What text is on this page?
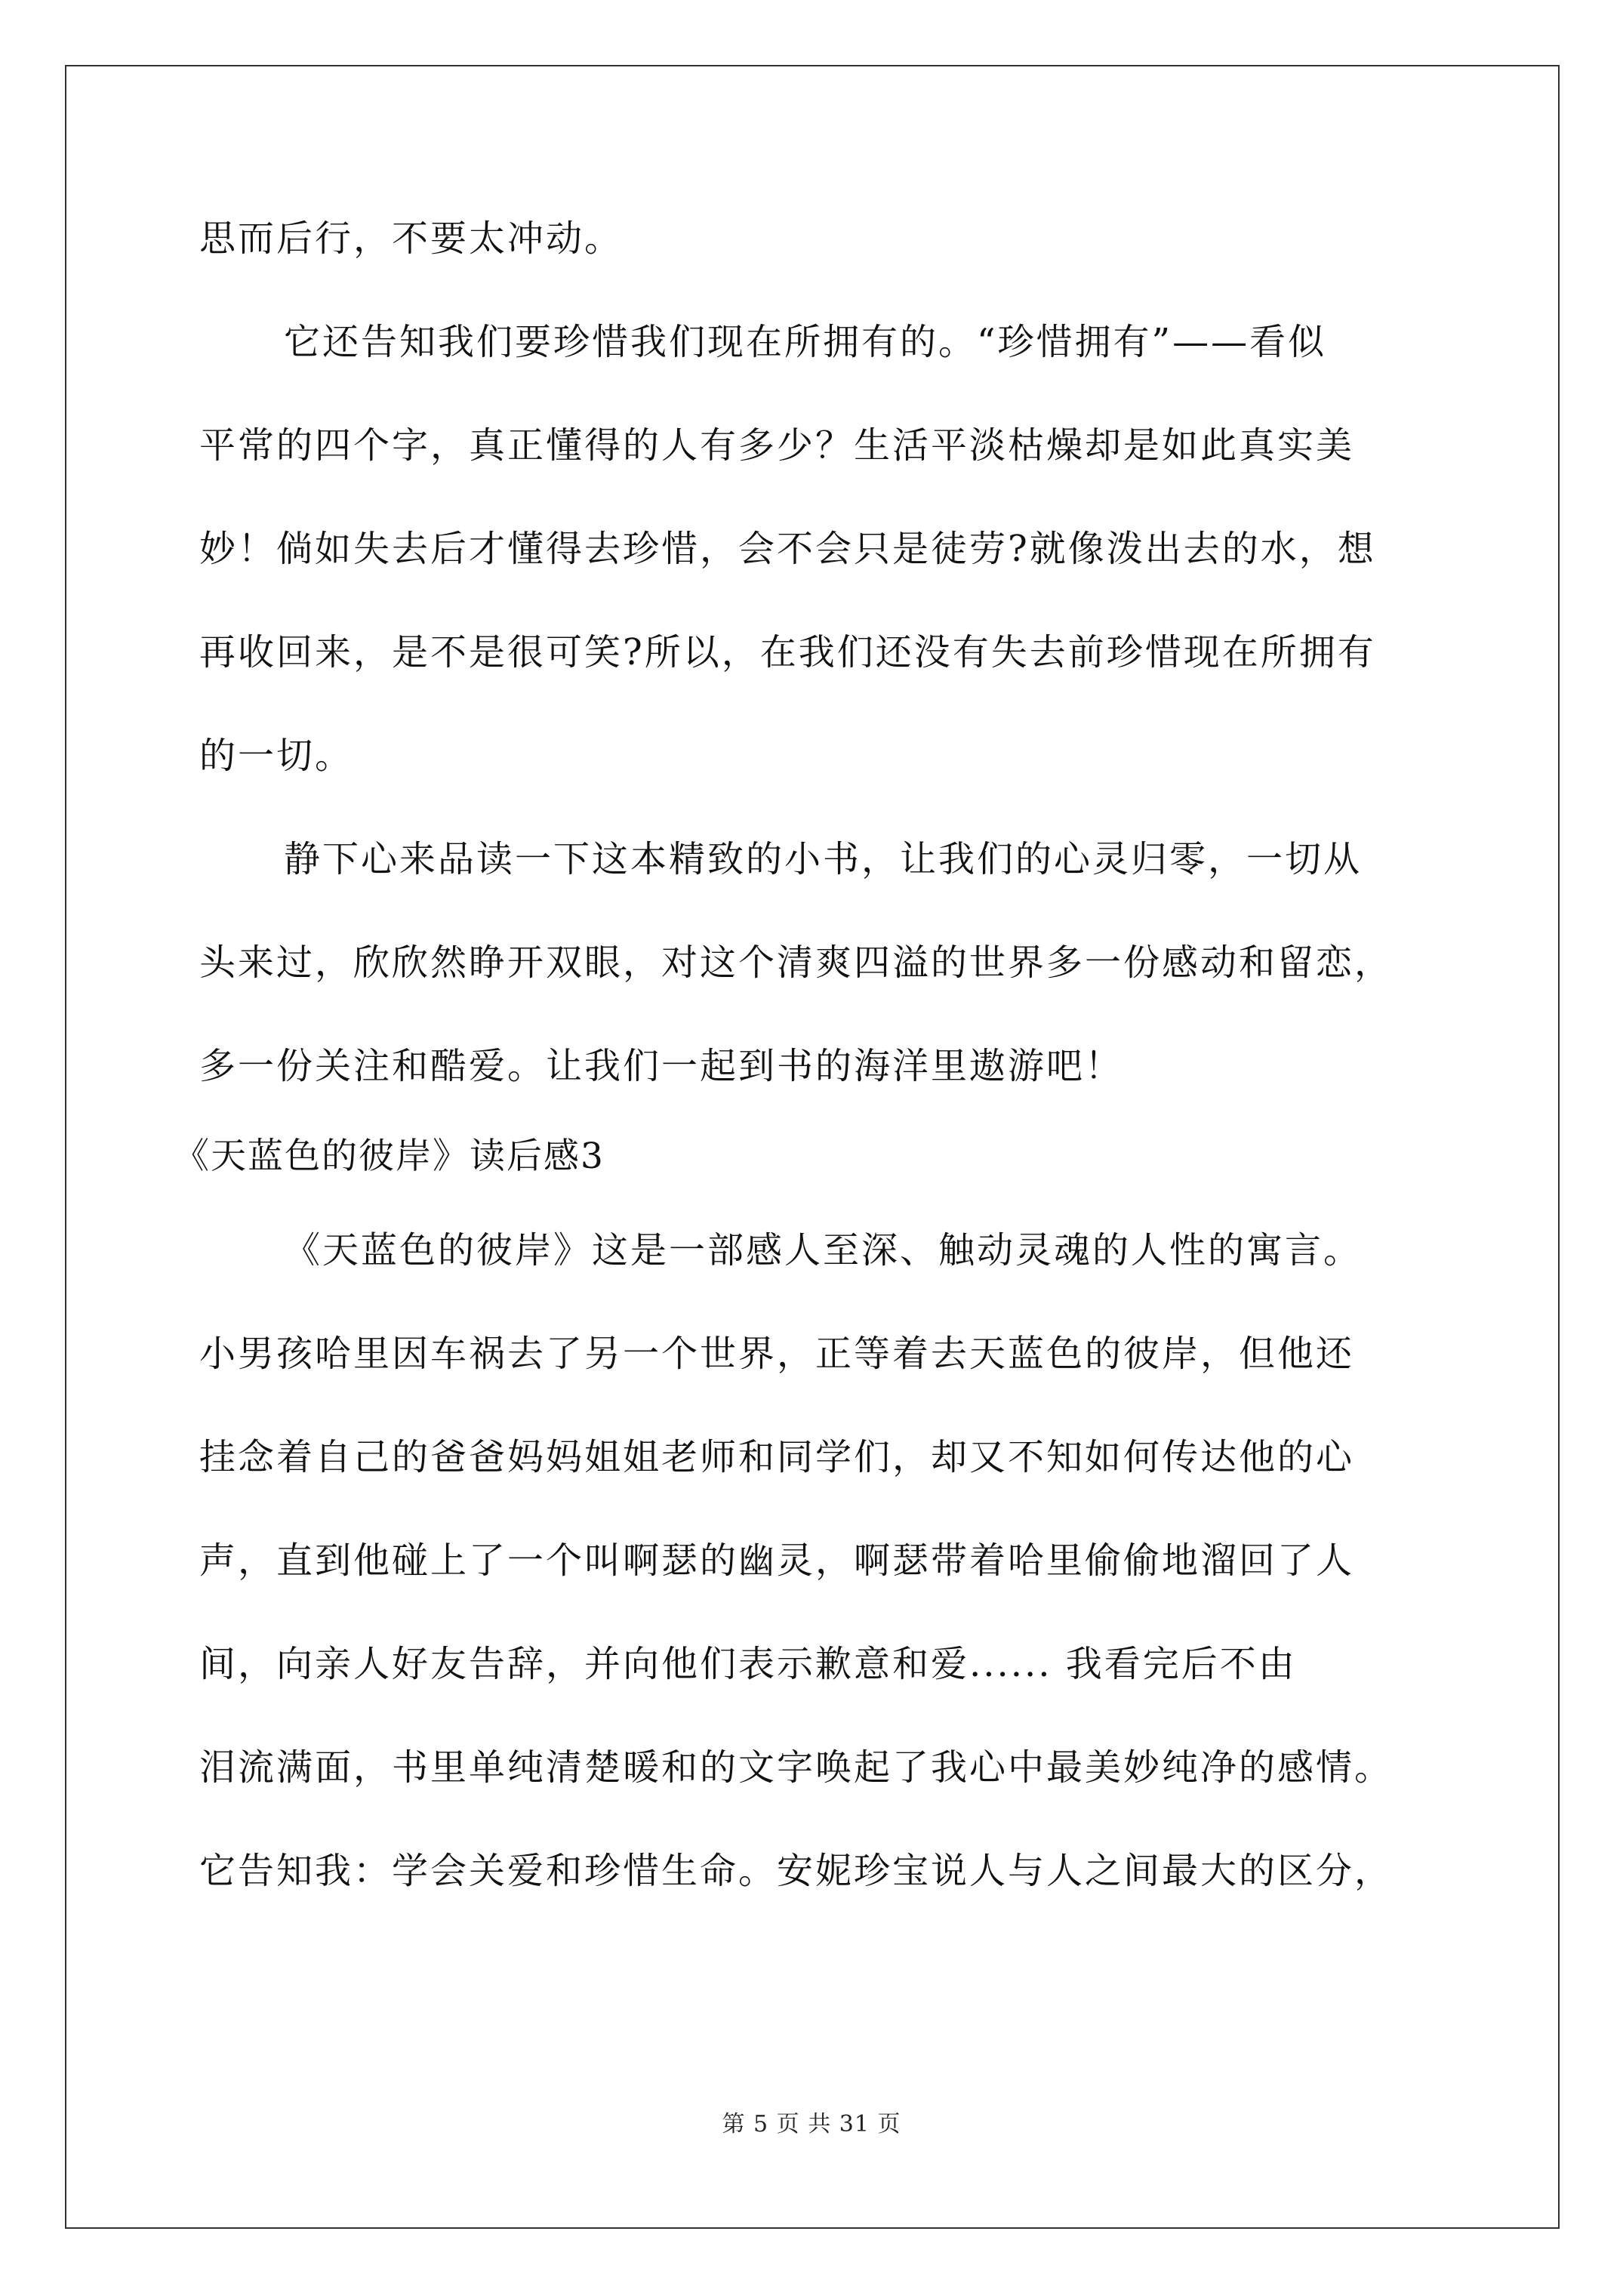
思而后行，不要太冲动。
它还告知我们要珍惜我们现在所拥有的。“珍惜拥有”——看似
平常的四个字，真正懂得的人有多少？生活平淡枯燥却是如此真实美
妙！倘如失去后才懂得去珍惜，会不会只是徒劳?就像泼出去的水，想
再收回来，是不是很可笑?所以，在我们还没有失去前珍惜现在所拥有
的一切。
静下心来品读一下这本精致的小书，让我们的心灵归零，一切从
头来过，欣欣然睁开双眼，对这个清爽四溢的世界多一份感动和留恋，
多一份关注和酷爱。让我们一起到书的海洋里遨游吧！
《天蓝色的彼岸》读后感3
《天蓝色的彼岸》这是一部感人至深、触动灵魂的人性的寓言。
小男孩哈里因车祸去了另一个世界，正等着去天蓝色的彼岸，但他还
挂念着自己的爸爸妈妈姐姐老师和同学们，却又不知如何传达他的心
声，直到他碰上了一个叫啊瑟的幽灵，啊瑟带着哈里偷偷地溜回了人
间，向亲人好友告辞，并向他们表示歉意和爱...... 我看完后不由
泪流满面，书里单纯清楚暖和的文字唤起了我心中最美妙纯净的感情。
它告知我：学会关爱和珍惜生命。安妮珍宝说人与人之间最大的区分，
第 5 页 共 31 页
